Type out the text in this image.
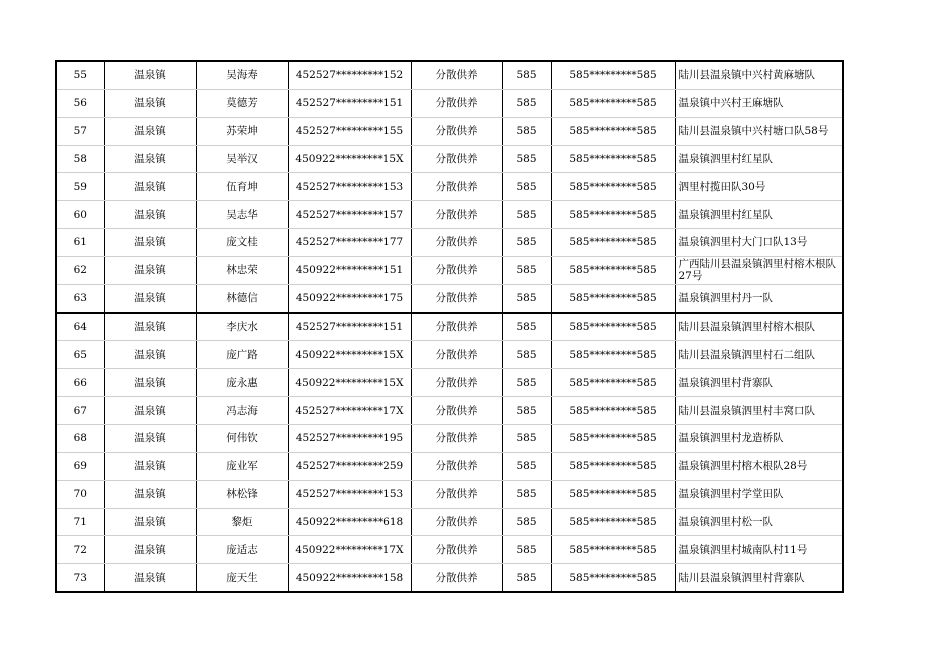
55	温泉镇	吴海寿	452527*********152	分散供养	585	585*********585	陆川县温泉镇中兴村黄麻塘队
56	温泉镇	莫德芳	452527*********151	分散供养	585	585*********585	温泉镇中兴村王麻塘队
57	温泉镇	苏荣坤	452527*********155	分散供养	585	585*********585	陆川县温泉镇中兴村塘口队58号
58	温泉镇	吴举汉	450922*********15X	分散供养	585	585*********585	温泉镇泗里村红星队
59	温泉镇	伍育坤	452527*********153	分散供养	585	585*********585	泗里村揽田队30号
60	温泉镇	吴志华	452527*********157	分散供养	585	585*********585	温泉镇泗里村红星队
61	温泉镇	庞文桂	452527*********177	分散供养	585	585*********585	温泉镇泗里村大门口队13号
62	温泉镇	林忠荣	450922*********151	分散供养	585	585*********585	广西陆川县温泉镇泗里村榕木根队27号
63	温泉镇	林德信	450922*********175	分散供养	585	585*********585	温泉镇泗里村丹一队
64	温泉镇	李庆水	452527*********151	分散供养	585	585*********585	陆川县温泉镇泗里村榕木根队
65	温泉镇	庞广路	450922*********15X	分散供养	585	585*********585	陆川县温泉镇泗里村石二组队
66	温泉镇	庞永惠	450922*********15X	分散供养	585	585*********585	温泉镇泗里村背寨队
67	温泉镇	冯志海	452527*********17X	分散供养	585	585*********585	陆川县温泉镇泗里村丰窝口队
68	温泉镇	何伟钦	452527*********195	分散供养	585	585*********585	温泉镇泗里村龙造桥队
69	温泉镇	庞业军	452527*********259	分散供养	585	585*********585	温泉镇泗里村榕木根队28号
70	温泉镇	林松锋	452527*********153	分散供养	585	585*********585	温泉镇泗里村学堂田队
71	温泉镇	黎炬	450922*********618	分散供养	585	585*********585	温泉镇泗里村松一队
72	温泉镇	庞适志	450922*********17X	分散供养	585	585*********585	温泉镇泗里村城南队村11号
73	温泉镇	庞天生	450922*********158	分散供养	585	585*********585	陆川县温泉镇泗里村背寨队
